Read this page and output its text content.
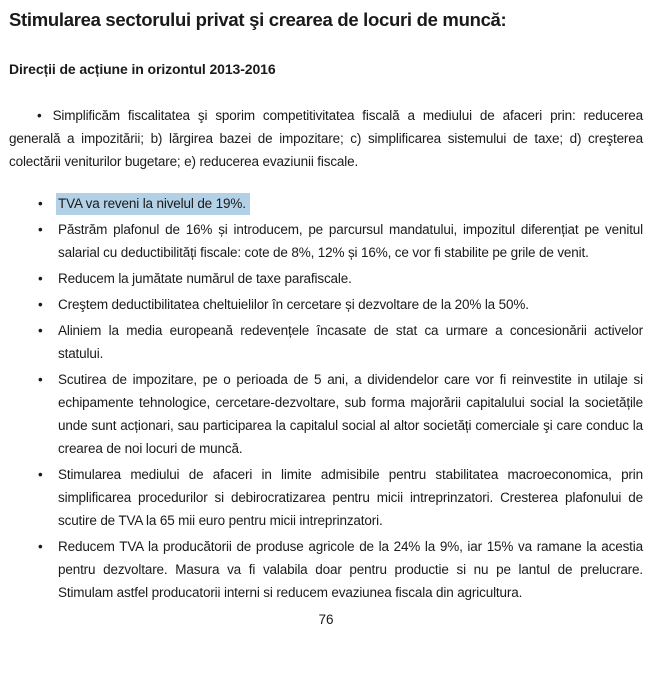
Stimularea sectorului privat şi crearea de locuri de muncă:
Direcții de acțiune in orizontul 2013-2016

• Simplificăm fiscalitatea şi sporim competitivitatea fiscală a mediului de afaceri prin: reducerea generală a impozitării; b) lărgirea bazei de impozitare; c) simplificarea sistemului de taxe; d) creşterea colectării veniturilor bugetare; e) reducerea evaziunii fiscale.

• TVA va reveni la nivelul de 19%.
• Păstrăm plafonul de 16% și introducem, pe parcursul mandatului, impozitul diferențiat pe venitul salarial cu deductibilități fiscale: cote de 8%, 12% și 16%, ce vor fi stabilite pe grile de venit.
• Reducem la jumătate numărul de taxe parafiscale.
• Creştem deductibilitatea cheltuielilor în cercetare și dezvoltare de la 20% la 50%.
• Aliniem la media europeană redevențele încasate de stat ca urmare a concesionării activelor statului.
• Scutirea de impozitare, pe o perioada de 5 ani, a dividendelor care vor fi reinvestite in utilaje si echipamente tehnologice, cercetare-dezvoltare, sub forma majorării capitalului social la societățile unde sunt acționari, sau participarea la capitalul social al altor societăți comerciale şi care conduc la crearea de noi locuri de muncă.
• Stimularea mediului de afaceri in limite admisibile pentru stabilitatea macroeconomica, prin simplificarea procedurilor si debirocratizarea pentru micii intreprinzatori. Cresterea plafonului de scutire de TVA la 65 mii euro pentru micii intreprinzatori.
• Reducem TVA la producătorii de produse agricole de la 24% la 9%, iar 15% va ramane la acestia pentru dezvoltare. Masura va fi valabila doar pentru productie si nu pe lantul de prelucrare. Stimulam astfel producatorii interni si reducem evaziunea fiscala din agricultura.
76
